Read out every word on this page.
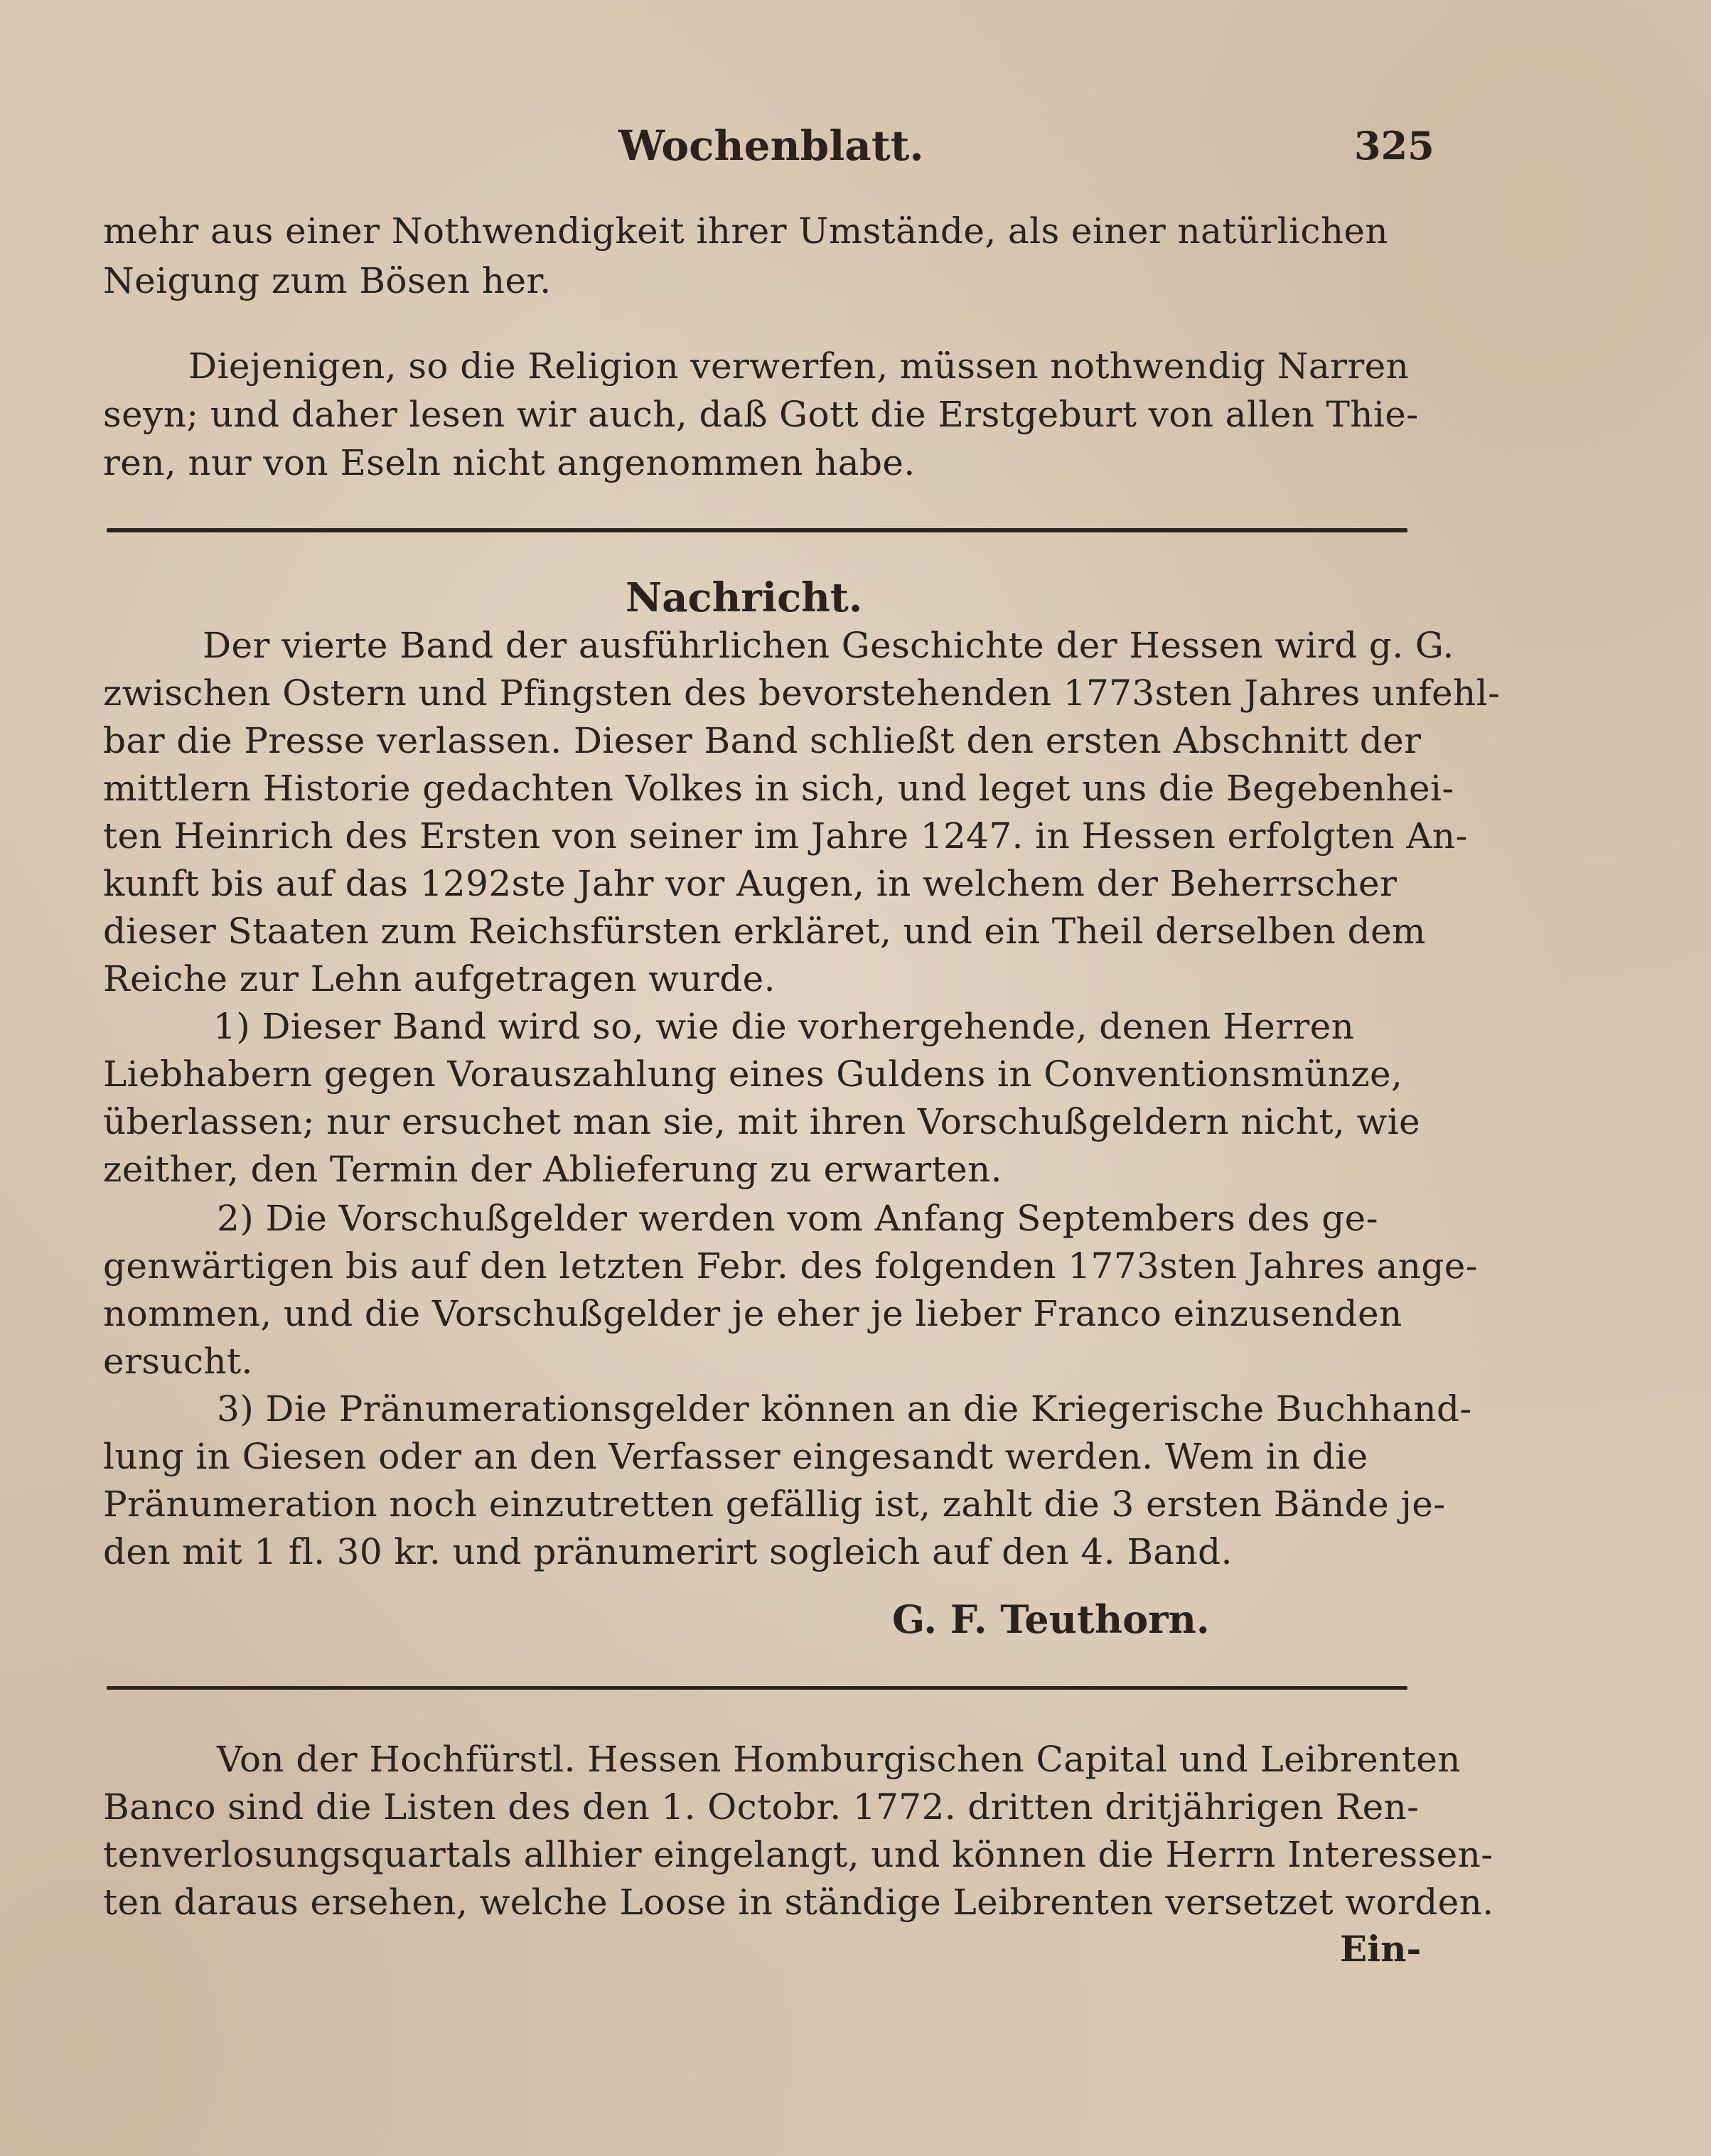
Wochenblatt.	325
mehr aus einer Nothwendigkeit ihrer Umstände, als einer natürlichen
Neigung zum Bösen her.
Diejenigen, so die Religion verwerfen, müssen nothwendig Narren
seyn; und daher lesen wir auch, daß Gott die Erstgeburt von allen Thie-
ren, nur von Eseln nicht angenommen habe.
Nachricht.
Der vierte Band der ausführlichen Geschichte der Hessen wird g. G.
zwischen Ostern und Pfingsten des bevorstehenden 1773sten Jahres unfehl-
bar die Presse verlassen. Dieser Band schließt den ersten Abschnitt der
mittlern Historie gedachten Volkes in sich, und leget uns die Begebenhei-
ten Heinrich des Ersten von seiner im Jahre 1247. in Hessen erfolgten An-
kunft bis auf das 1292ste Jahr vor Augen, in welchem der Beherrscher
dieser Staaten zum Reichsfürsten erkläret, und ein Theil derselben dem
Reiche zur Lehn aufgetragen wurde.
1) Dieser Band wird so, wie die vorhergehende, denen Herren
Liebhabern gegen Vorauszahlung eines Guldens in Conventionsmünze,
überlassen; nur ersuchet man sie, mit ihren Vorschußgeldern nicht, wie
zeither, den Termin der Ablieferung zu erwarten.
2) Die Vorschußgelder werden vom Anfang Septembers des ge-
genwärtigen bis auf den letzten Febr. des folgenden 1773sten Jahres ange-
nommen, und die Vorschußgelder je eher je lieber Franco einzusenden
ersucht.
3) Die Pränumerationsgelder können an die Kriegerische Buchhand-
lung in Giesen oder an den Verfasser eingesandt werden. Wem in die
Pränumeration noch einzutretten gefällig ist, zahlt die 3 ersten Bände je-
den mit 1 fl. 30 kr. und pränumerirt sogleich auf den 4. Band.
G. F. Teuthorn.
Von der Hochfürstl. Hessen Homburgischen Capital und Leibrenten
Banco sind die Listen des den 1. Octobr. 1772. dritten dritjährigen Ren-
tenverlosungsquartals allhier eingelangt, und können die Herrn Interessen-
ten daraus ersehen, welche Loose in ständige Leibrenten versetzet worden.
Ein-
